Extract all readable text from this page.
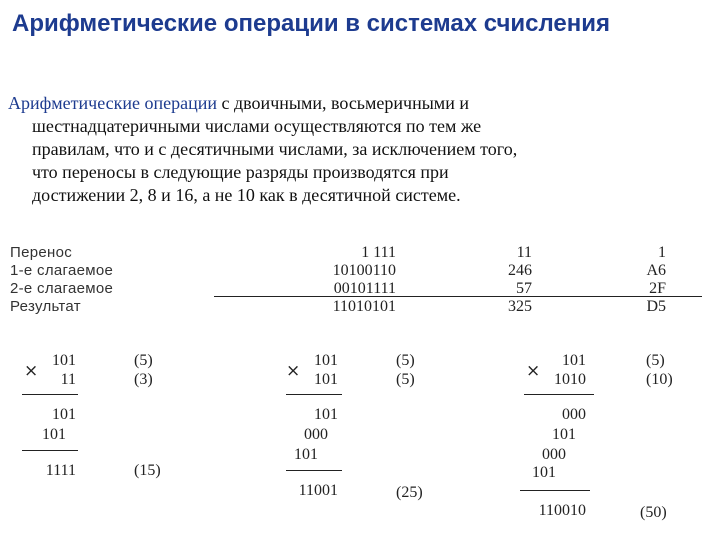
Арифметические операции в системах счисления
Арифметические операции с двоичными, восьмеричными и
шестнадцатеричными числами осуществляются по тем же
правилам, что и с десятичными числами, за исключением того,
что переносы в следующие разряды производятся при
достижении 2, 8 и 16, а не 10 как в десятичной системе.
Перенос
1-е слагаемое
2-е слагаемое
Результат
1 111
10100110
00101111
11010101
11
246
57
325
1
A6
2F
D5
×
101
11
101
101
1111
(5)
(3)
(15)
×
101
101
101
000
101
11001
(5)
(5)
(25)
×
101
1010
000
101
000
101
110010
(5)
(10)
(50)
